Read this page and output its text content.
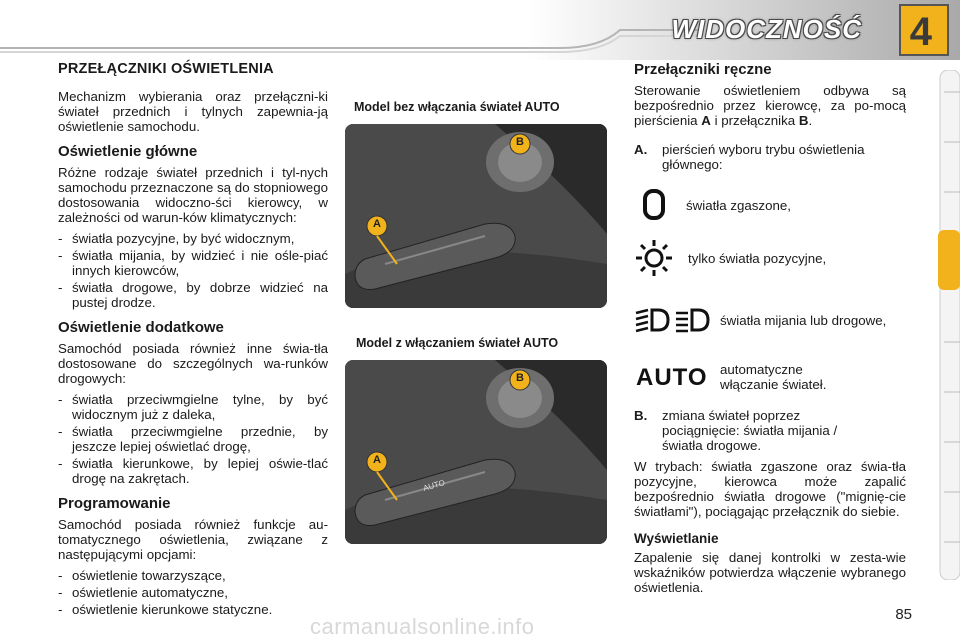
WIDOCZNOŚĆ 4
PRZEŁĄCZNIKI OŚWIETLENIA

Mechanizm wybierania oraz przełączni-ki świateł przednich i tylnych zapewnia-ją oświetlenie samochodu.

Oświetlenie główne

Różne rodzaje świateł przednich i tyl-nych samochodu przeznaczone są do stopniowego dostosowania widoczno-ści kierowcy, w zależności od warun-ków klimatycznych:

- światła pozycyjne, by być widocznym,
- światła mijania, by widzieć i nie ośle-piać innych kierowców,
- światła drogowe, by dobrze widzieć na pustej drodze.
Oświetlenie dodatkowe

Samochód posiada również inne świa-tła dostosowane do szczególnych wa-runków drogowych:

- światła przeciwmgielne tylne, by być widocznym już z daleka,
- światła przeciwmgielne przednie, by jeszcze lepiej oświetlać drogę,
- światła kierunkowe, by lepiej oświe-tlać drogę na zakrętach.
Programowanie

Samochód posiada również funkcje au-tomatycznego oświetlenia, związane z następującymi opcjami:

- oświetlenie towarzyszące,
- oświetlenie automatyczne,
- oświetlenie kierunkowe statyczne.
Model bez włączania świateł AUTO
B
A
Model z włączaniem świateł AUTO
B
A
AUTO
Przełączniki ręczne

Sterowanie oświetleniem odbywa są bezpośrednio przez kierowcę, za po-mocą pierścienia A i przełącznika B.

A. pierścień wyboru trybu oświetlenia głównego:
światła zgaszone,
tylko światła pozycyjne,
światła mijania lub drogowe,
AUTO automatyczne włączanie świateł.
B. zmiana świateł poprzez pociągnięcie: światła mijania / światła drogowe.

W trybach: światła zgaszone oraz świa-tła pozycyjne, kierowca może zapalić bezpośrednio światła drogowe ("mignię-cie światłami"), pociągając przełącznik do siebie.

Wyświetlanie

Zapalenie się danej kontrolki w zesta-wie wskaźników potwierdza włączenie wybranego oświetlenia.

85
carmanualsonline.info
